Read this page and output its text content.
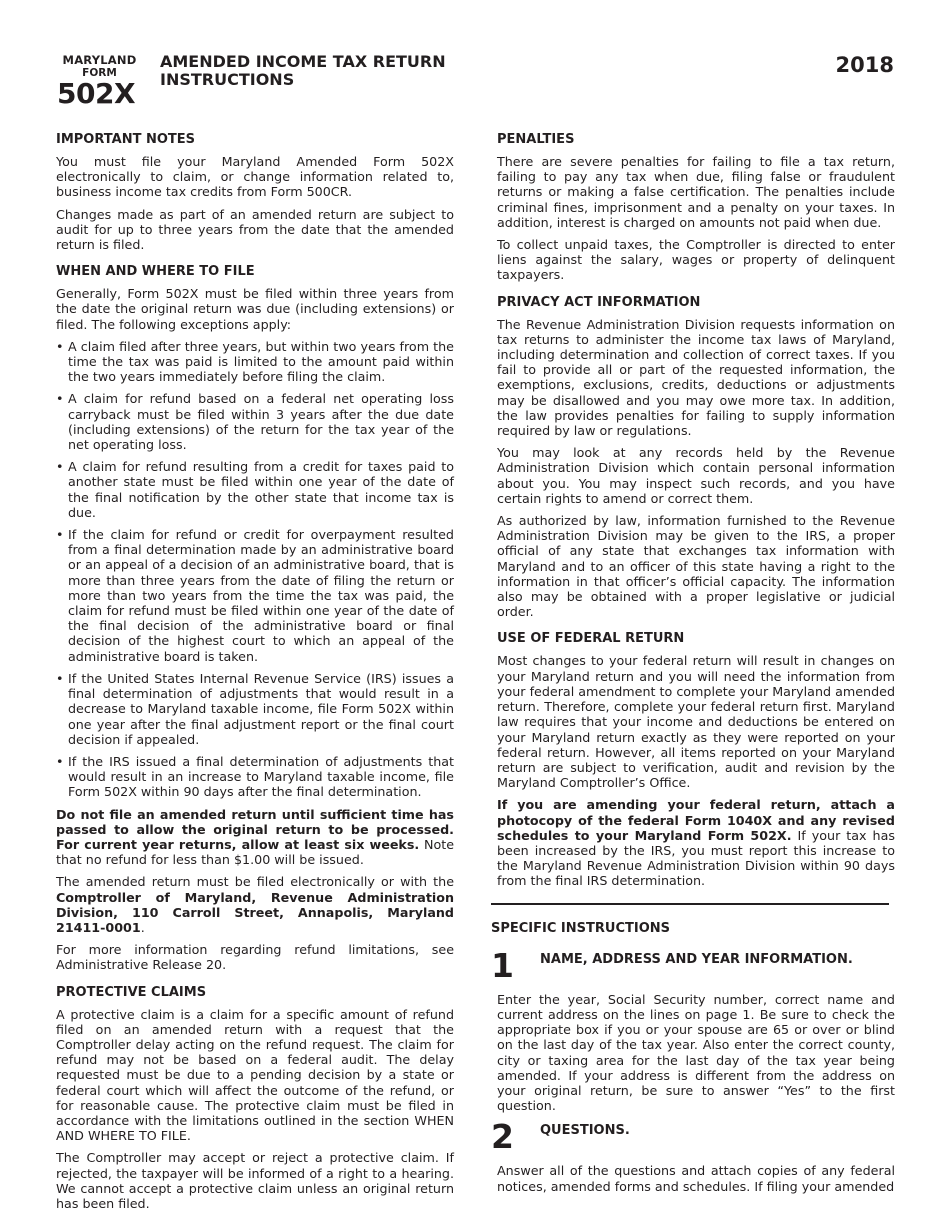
MARYLAND
FORM
502X
AMENDED INCOME TAX RETURN
INSTRUCTIONS
2018
IMPORTANT NOTES

You must file your Maryland Amended Form 502X electronically to claim, or change information related to, business income tax credits from Form 500CR.

Changes made as part of an amended return are subject to audit for up to three years from the date that the amended return is filed.

WHEN AND WHERE TO FILE

Generally, Form 502X must be filed within three years from the date the original return was due (including extensions) or filed. The following exceptions apply:

• A claim filed after three years, but within two years from the time the tax was paid is limited to the amount paid within the two years immediately before filing the claim.
• A claim for refund based on a federal net operating loss carryback must be filed within 3 years after the due date (including extensions) of the return for the tax year of the net operating loss.
• A claim for refund resulting from a credit for taxes paid to another state must be filed within one year of the date of the final notification by the other state that income tax is due.
• If the claim for refund or credit for overpayment resulted from a final determination made by an administrative board or an appeal of a decision of an administrative board, that is more than three years from the date of filing the return or more than two years from the time the tax was paid, the claim for refund must be filed within one year of the date of the final decision of the administrative board or final decision of the highest court to which an appeal of the administrative board is taken.
• If the United States Internal Revenue Service (IRS) issues a final determination of adjustments that would result in a decrease to Maryland taxable income, file Form 502X within one year after the final adjustment report or the final court decision if appealed.
• If the IRS issued a final determination of adjustments that would result in an increase to Maryland taxable income, file Form 502X within 90 days after the final determination.

Do not file an amended return until sufficient time has passed to allow the original return to be processed. For current year returns, allow at least six weeks. Note that no refund for less than $1.00 will be issued.

The amended return must be filed electronically or with the Comptroller of Maryland, Revenue Administration Division, 110 Carroll Street, Annapolis, Maryland 21411-0001.

For more information regarding refund limitations, see Administrative Release 20.

PROTECTIVE CLAIMS

A protective claim is a claim for a specific amount of refund filed on an amended return with a request that the Comptroller delay acting on the refund request. The claim for refund may not be based on a federal audit. The delay requested must be due to a pending decision by a state or federal court which will affect the outcome of the refund, or for reasonable cause. The protective claim must be filed in accordance with the limitations outlined in the section WHEN AND WHERE TO FILE.

The Comptroller may accept or reject a protective claim. If rejected, the taxpayer will be informed of a right to a hearing. We cannot accept a protective claim unless an original return has been filed.

PENALTIES

There are severe penalties for failing to file a tax return, failing to pay any tax when due, filing false or fraudulent returns or making a false certification. The penalties include criminal fines, imprisonment and a penalty on your taxes. In addition, interest is charged on amounts not paid when due.

To collect unpaid taxes, the Comptroller is directed to enter liens against the salary, wages or property of delinquent taxpayers.

PRIVACY ACT INFORMATION

The Revenue Administration Division requests information on tax returns to administer the income tax laws of Maryland, including determination and collection of correct taxes. If you fail to provide all or part of the requested information, the exemptions, exclusions, credits, deductions or adjustments may be disallowed and you may owe more tax. In addition, the law provides penalties for failing to supply information required by law or regulations.

You may look at any records held by the Revenue Administration Division which contain personal information about you. You may inspect such records, and you have certain rights to amend or correct them.

As authorized by law, information furnished to the Revenue Administration Division may be given to the IRS, a proper official of any state that exchanges tax information with Maryland and to an officer of this state having a right to the information in that officer’s official capacity. The information also may be obtained with a proper legislative or judicial order.

USE OF FEDERAL RETURN

Most changes to your federal return will result in changes on your Maryland return and you will need the information from your federal amendment to complete your Maryland amended return. Therefore, complete your federal return first. Maryland law requires that your income and deductions be entered on your Maryland return exactly as they were reported on your federal return. However, all items reported on your Maryland return are subject to verification, audit and revision by the Maryland Comptroller’s Office.

If you are amending your federal return, attach a photocopy of the federal Form 1040X and any revised schedules to your Maryland Form 502X. If your tax has been increased by the IRS, you must report this increase to the Maryland Revenue Administration Division within 90 days from the final IRS determination.

SPECIFIC INSTRUCTIONS
1 NAME, ADDRESS AND YEAR INFORMATION.

Enter the year, Social Security number, correct name and current address on the lines on page 1. Be sure to check the appropriate box if you or your spouse are 65 or over or blind on the last day of the tax year. Also enter the correct county, city or taxing area for the last day of the tax year being amended. If your address is different from the address on your original return, be sure to answer “Yes” to the first question.

2 QUESTIONS.

Answer all of the questions and attach copies of any federal notices, amended forms and schedules. If filing your amended
